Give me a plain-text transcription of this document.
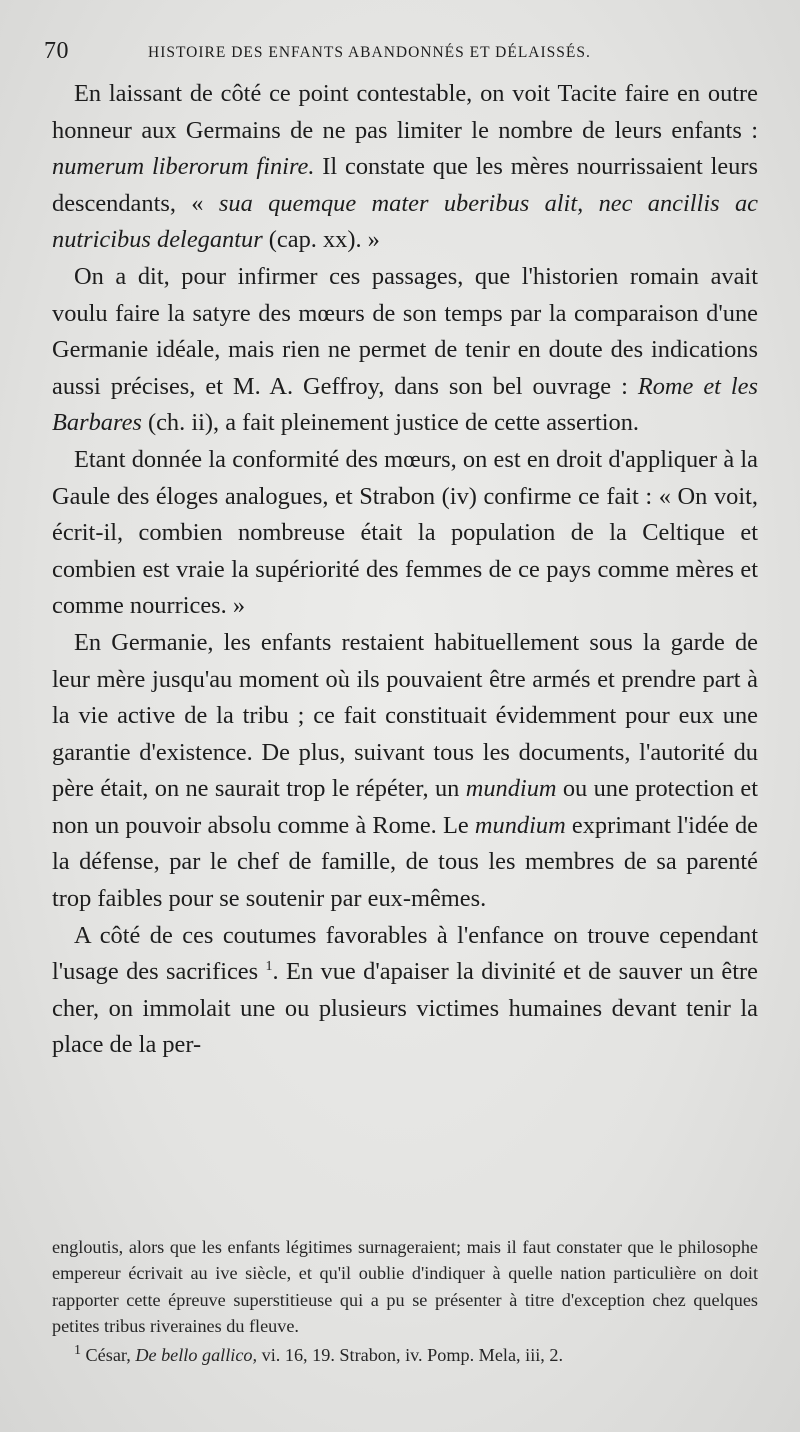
70	HISTOIRE DES ENFANTS ABANDONNÉS ET DÉLAISSÉS.

En laissant de côté ce point contestable, on voit Tacite faire en outre honneur aux Germains de ne pas limiter le nombre de leurs enfants : numerum liberorum finire. Il constate que les mères nourrissaient leurs descendants, « sua quemque mater uberibus alit, nec ancillis ac nutricibus delegantur (cap. xx). »

On a dit, pour infirmer ces passages, que l'historien romain avait voulu faire la satyre des mœurs de son temps par la comparaison d'une Germanie idéale, mais rien ne permet de tenir en doute des indications aussi précises, et M. A. Geffroy, dans son bel ouvrage : Rome et les Barbares (ch. ii), a fait pleinement justice de cette assertion.

Etant donnée la conformité des mœurs, on est en droit d'appliquer à la Gaule des éloges analogues, et Strabon (iv) confirme ce fait : « On voit, écrit-il, combien nombreuse était la population de la Celtique et combien est vraie la supériorité des femmes de ce pays comme mères et comme nourrices. »

En Germanie, les enfants restaient habituellement sous la garde de leur mère jusqu'au moment où ils pouvaient être armés et prendre part à la vie active de la tribu ; ce fait constituait évidemment pour eux une garantie d'existence. De plus, suivant tous les documents, l'autorité du père était, on ne saurait trop le répéter, un mundium ou une protection et non un pouvoir absolu comme à Rome. Le mundium exprimant l'idée de la défense, par le chef de famille, de tous les membres de sa parenté trop faibles pour se soutenir par eux-mêmes.

A côté de ces coutumes favorables à l'enfance on trouve cependant l'usage des sacrifices $^1$. En vue d'apaiser la divinité et de sauver un être cher, on immolait une ou plusieurs victimes humaines devant tenir la place de la per-

engloutis, alors que les enfants légitimes surnageraient; mais il faut constater que le philosophe empereur écrivait au ive siècle, et qu'il oublie d'indiquer à quelle nation particulière on doit rapporter cette épreuve superstitieuse qui a pu se présenter à titre d'exception chez quelques petites tribus riveraines du fleuve.

$^1$ César, De bello gallico, vi. 16, 19. Strabon, iv. Pomp. Mela, iii, 2.
